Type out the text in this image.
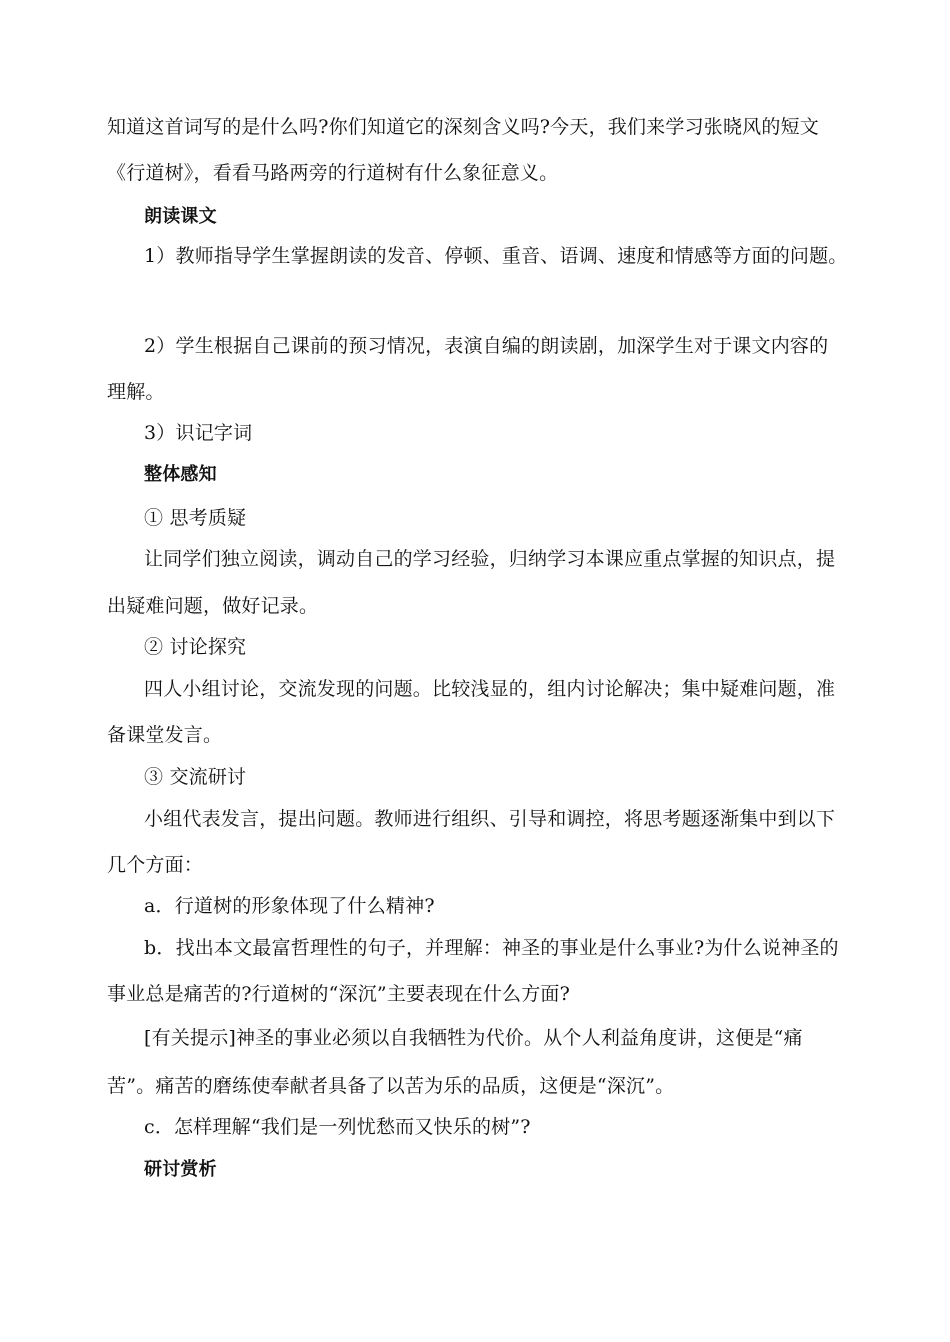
知道这首词写的是什么吗?你们知道它的深刻含义吗?今天，我们来学习张晓风的短文
《行道树》，看看马路两旁的行道树有什么象征意义。
朗读课文
1）教师指导学生掌握朗读的发音、停顿、重音、语调、速度和情感等方面的问题。
2）学生根据自己课前的预习情况，表演自编的朗读剧，加深学生对于课文内容的
理解。
3）识记字词
整体感知
① 思考质疑
让同学们独立阅读，调动自己的学习经验，归纳学习本课应重点掌握的知识点，提
出疑难问题，做好记录。
② 讨论探究
四人小组讨论，交流发现的问题。比较浅显的，组内讨论解决；集中疑难问题，准
备课堂发言。
③ 交流研讨
小组代表发言，提出问题。教师进行组织、引导和调控，将思考题逐渐集中到以下
几个方面：
a．行道树的形象体现了什么精神?
b．找出本文最富哲理性的句子，并理解：神圣的事业是什么事业?为什么说神圣的
事业总是痛苦的?行道树的“深沉”主要表现在什么方面?
[有关提示]神圣的事业必须以自我牺牲为代价。从个人利益角度讲，这便是“痛
苦”。痛苦的磨练使奉献者具备了以苦为乐的品质，这便是“深沉”。
c．怎样理解“我们是一列忧愁而又快乐的树”?
研讨赏析
